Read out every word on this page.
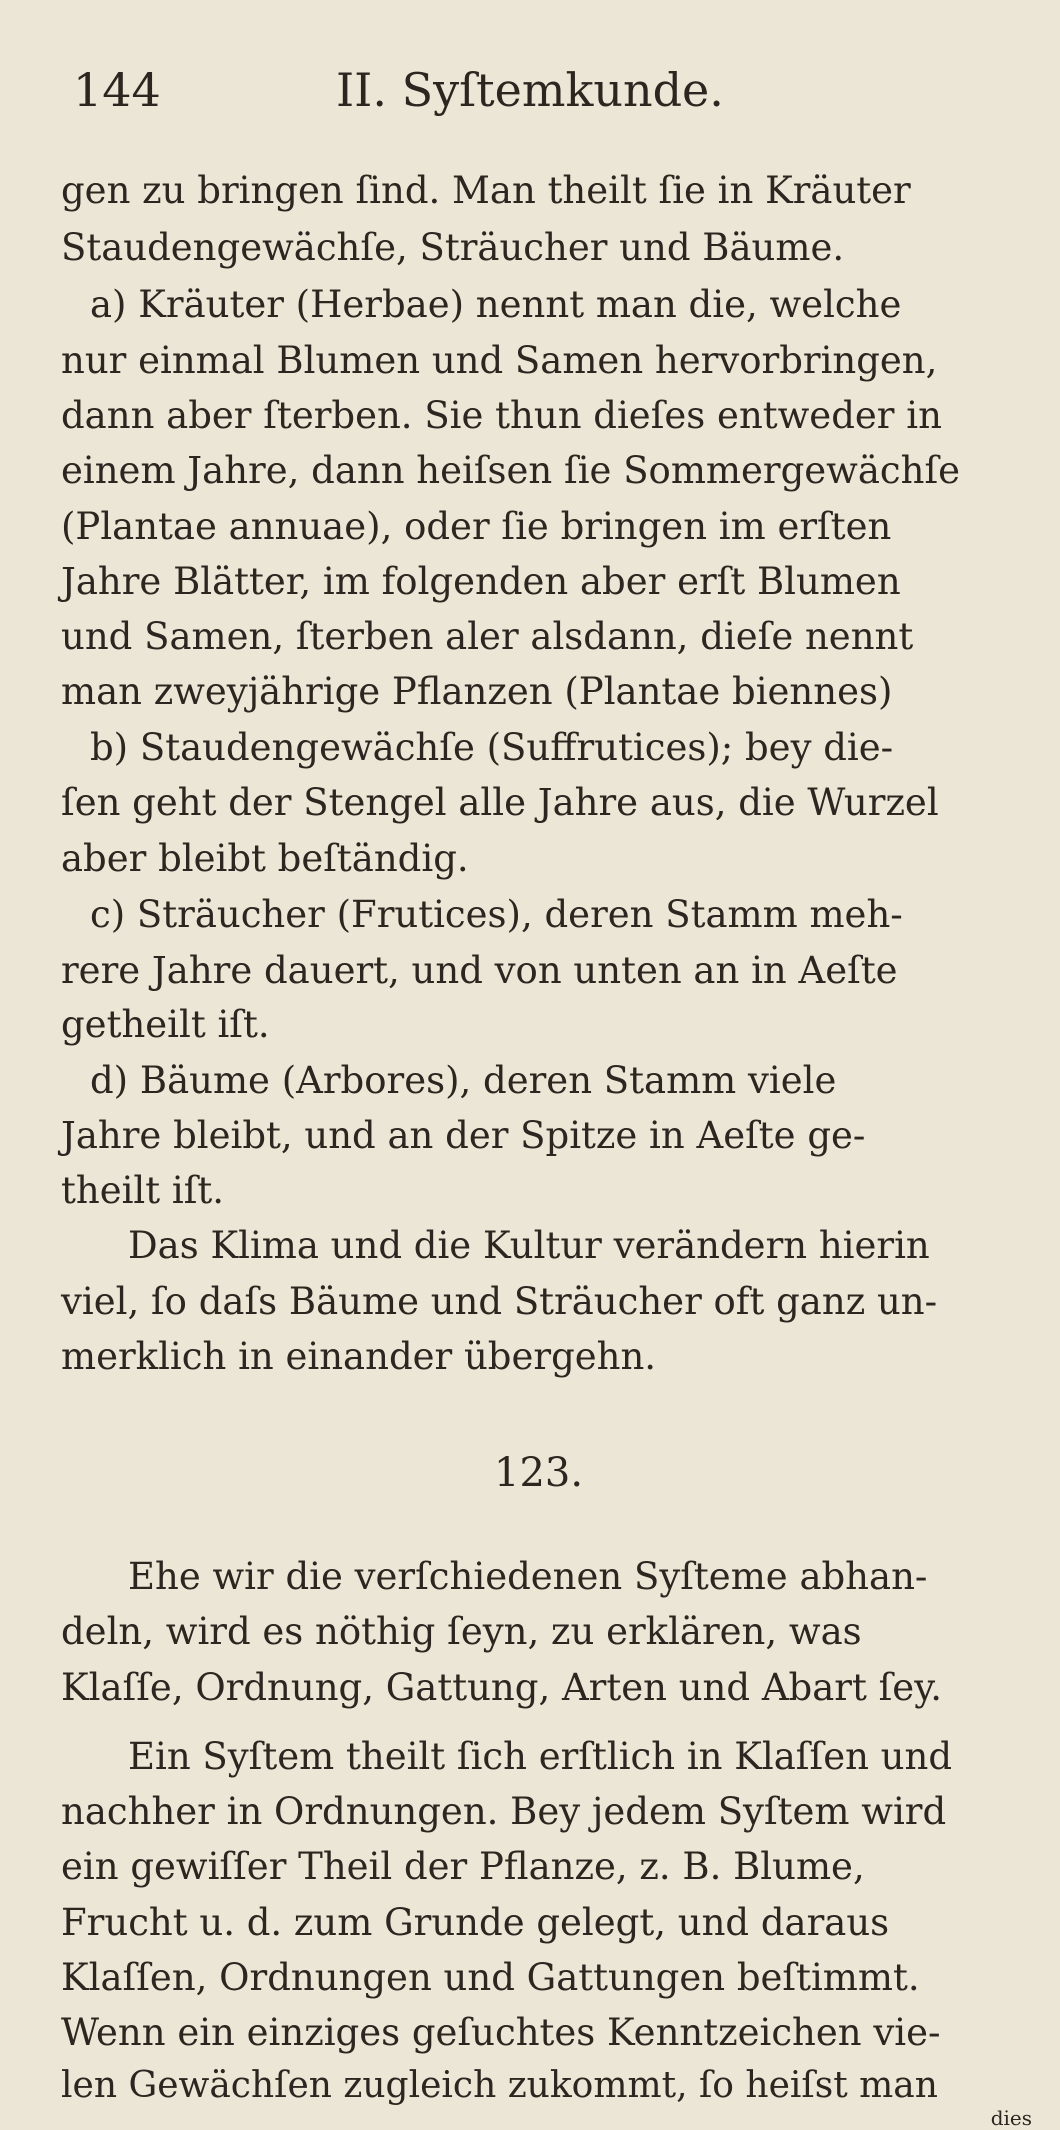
144	II. Syſtemkunde.
gen zu bringen ſind. Man theilt ſie in Kräuter
Staudengewächſe, Sträucher und Bäume.
a) Kräuter (Herbae) nennt man die, welche
nur einmal Blumen und Samen hervorbringen,
dann aber ſterben. Sie thun dieſes entweder in
einem Jahre, dann heiſsen ſie Sommergewächſe
(Plantae annuae), oder ſie bringen im erſten
Jahre Blätter, im folgenden aber erſt Blumen
und Samen, ſterben aler alsdann, dieſe nennt
man zweyjährige Pflanzen (Plantae biennes)
b) Staudengewächſe (Suffrutices); bey die-
ſen geht der Stengel alle Jahre aus, die Wurzel
aber bleibt beſtändig.
c) Sträucher (Frutices), deren Stamm meh-
rere Jahre dauert, und von unten an in Aeſte
getheilt iſt.
d) Bäume (Arbores), deren Stamm viele
Jahre bleibt, und an der Spitze in Aeſte ge-
theilt iſt.
Das Klima und die Kultur verändern hierin
viel, ſo daſs Bäume und Sträucher oft ganz un-
merklich in einander übergehn.
123.
Ehe wir die verſchiedenen Syſteme abhan-
deln, wird es nöthig ſeyn, zu erklären, was
Klaſſe, Ordnung, Gattung, Arten und Abart ſey.
Ein Syſtem theilt ſich erſtlich in Klaſſen und
nachher in Ordnungen. Bey jedem Syſtem wird
ein gewiſſer Theil der Pflanze, z. B. Blume,
Frucht u. d. zum Grunde gelegt, und daraus
Klaſſen, Ordnungen und Gattungen beſtimmt.
Wenn ein einziges geſuchtes Kenntzeichen vie-
len Gewächſen zugleich zukommt, ſo heiſst man
dies
